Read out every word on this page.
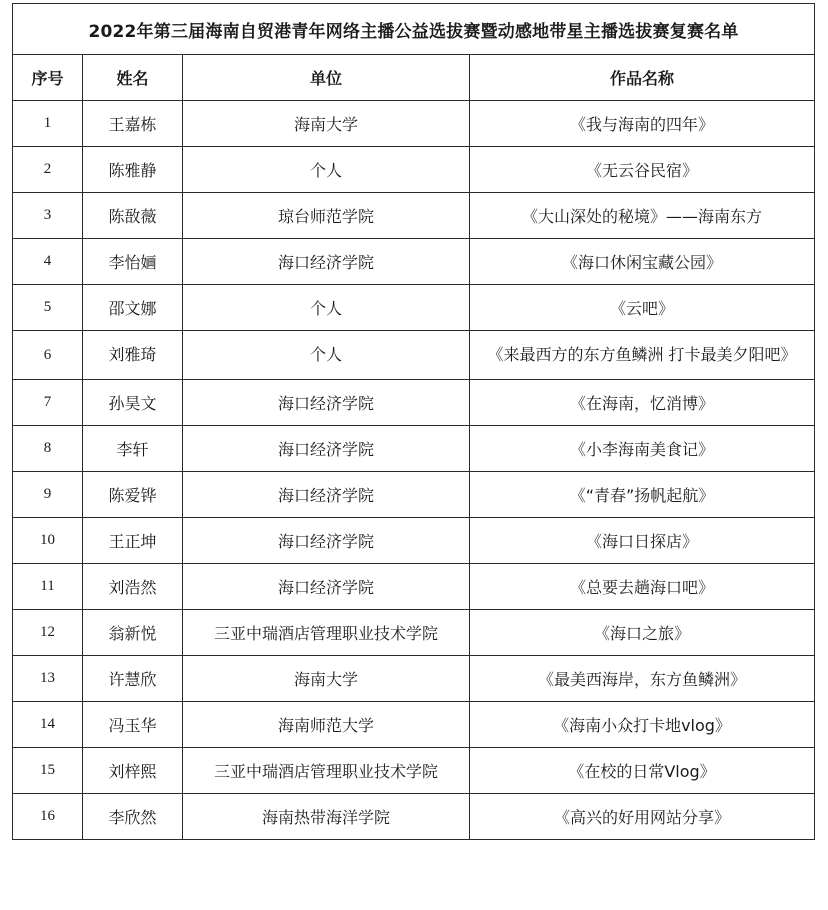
2022年第三届海南自贸港青年网络主播公益选拔赛暨动感地带星主播选拔赛复赛名单			
序号	姓名	单位	作品名称
1	王嘉栋	海南大学	《我与海南的四年》
2	陈雅静	个人	《无云谷民宿》
3	陈敔薇	琼台师范学院	《大山深处的秘境》——海南东方
4	李怡婳	海口经济学院	《海口休闲宝藏公园》
5	邵文娜	个人	《云吧》
6	刘雅琦	个人	《来最西方的东方鱼鳞洲 打卡最美夕阳吧》
7	孙昊文	海口经济学院	《在海南，忆消博》
8	李轩	海口经济学院	《小李海南美食记》
9	陈爱铧	海口经济学院	《“青春”扬帆起航》
10	王正坤	海口经济学院	《海口日探店》
11	刘浩然	海口经济学院	《总要去趟海口吧》
12	翁新悦	三亚中瑞酒店管理职业技术学院	《海口之旅》
13	许慧欣	海南大学	《最美西海岸，东方鱼鳞洲》
14	冯玉华	海南师范大学	《海南小众打卡地vlog》
15	刘梓熙	三亚中瑞酒店管理职业技术学院	《在校的日常Vlog》
16	李欣然	海南热带海洋学院	《高兴的好用网站分享》
